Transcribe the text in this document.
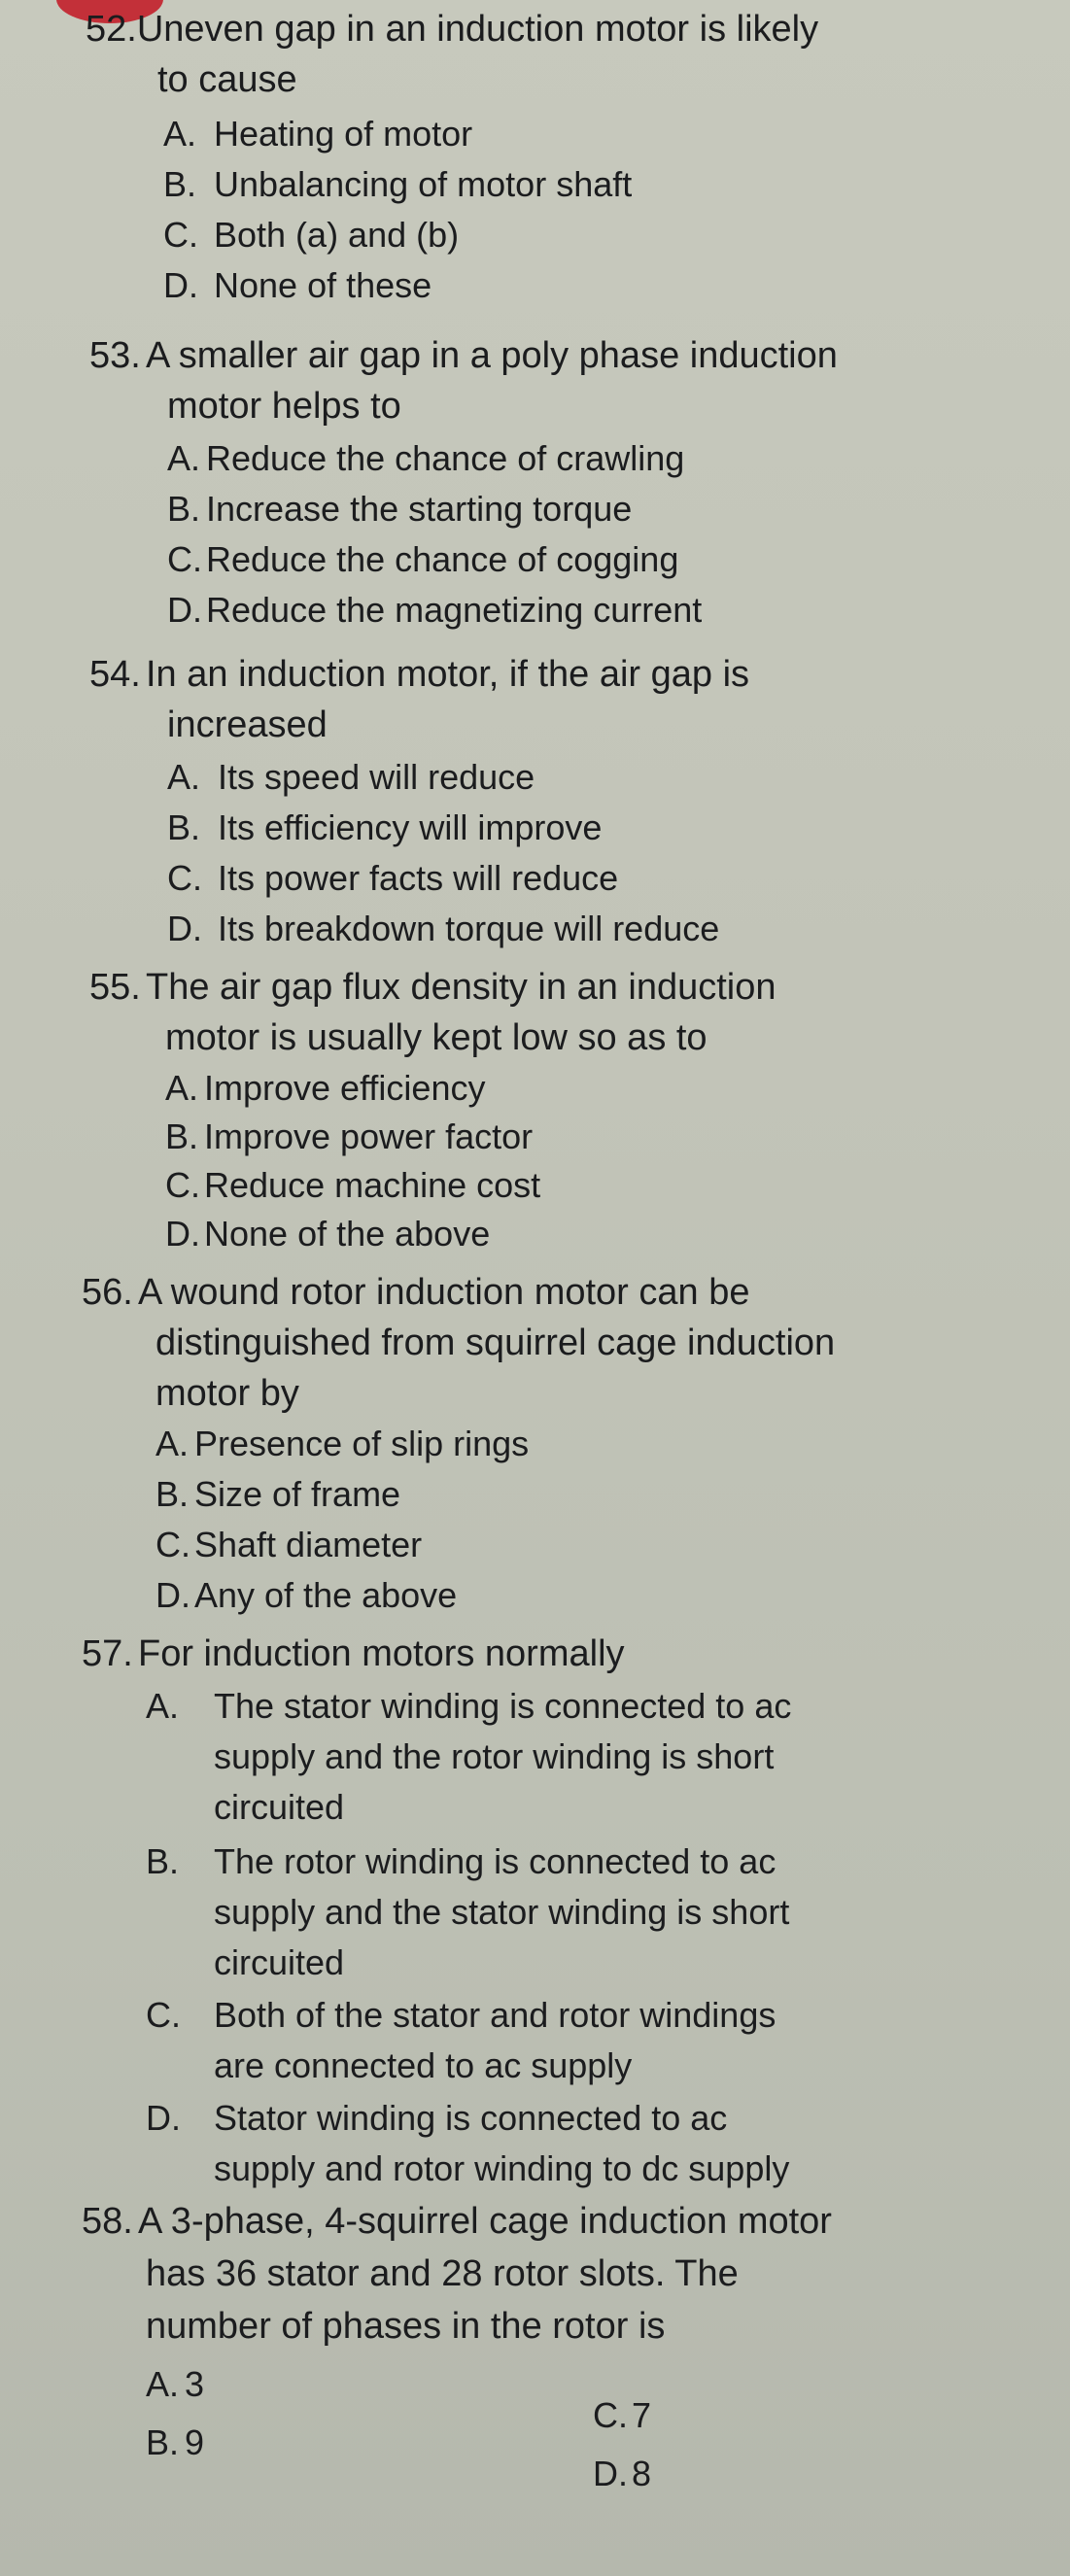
52.Uneven gap in an induction motor is likely
to cause
A. Heating of motor
B. Unbalancing of motor shaft
C. Both (a) and (b)
D. None of these
53. A smaller air gap in a poly phase induction
motor helps to
A. Reduce the chance of crawling
B. Increase the starting torque
C. Reduce the chance of cogging
D. Reduce the magnetizing current
54. In an induction motor, if the air gap is
increased
A. Its speed will reduce
B. Its efficiency will improve
C. Its power facts will reduce
D. Its breakdown torque will reduce
55. The air gap flux density in an induction
motor is usually kept low so as to
A. Improve efficiency
B. Improve power factor
C. Reduce machine cost
D. None of the above
56. A wound rotor induction motor can be
distinguished from squirrel cage induction
motor by
A. Presence of slip rings
B. Size of frame
C. Shaft diameter
D. Any of the above
57. For induction motors normally
A. The stator winding is connected to ac
supply and the rotor winding is short
circuited
B. The rotor winding is connected to ac
supply and the stator winding is short
circuited
C. Both of the stator and rotor windings
are connected to ac supply
D. Stator winding is connected to ac
supply and rotor winding to dc supply
58. A 3-phase, 4-squirrel cage induction motor
has 36 stator and 28 rotor slots. The
number of phases in the rotor is
A. 3
B. 9
C. 7
D. 8
